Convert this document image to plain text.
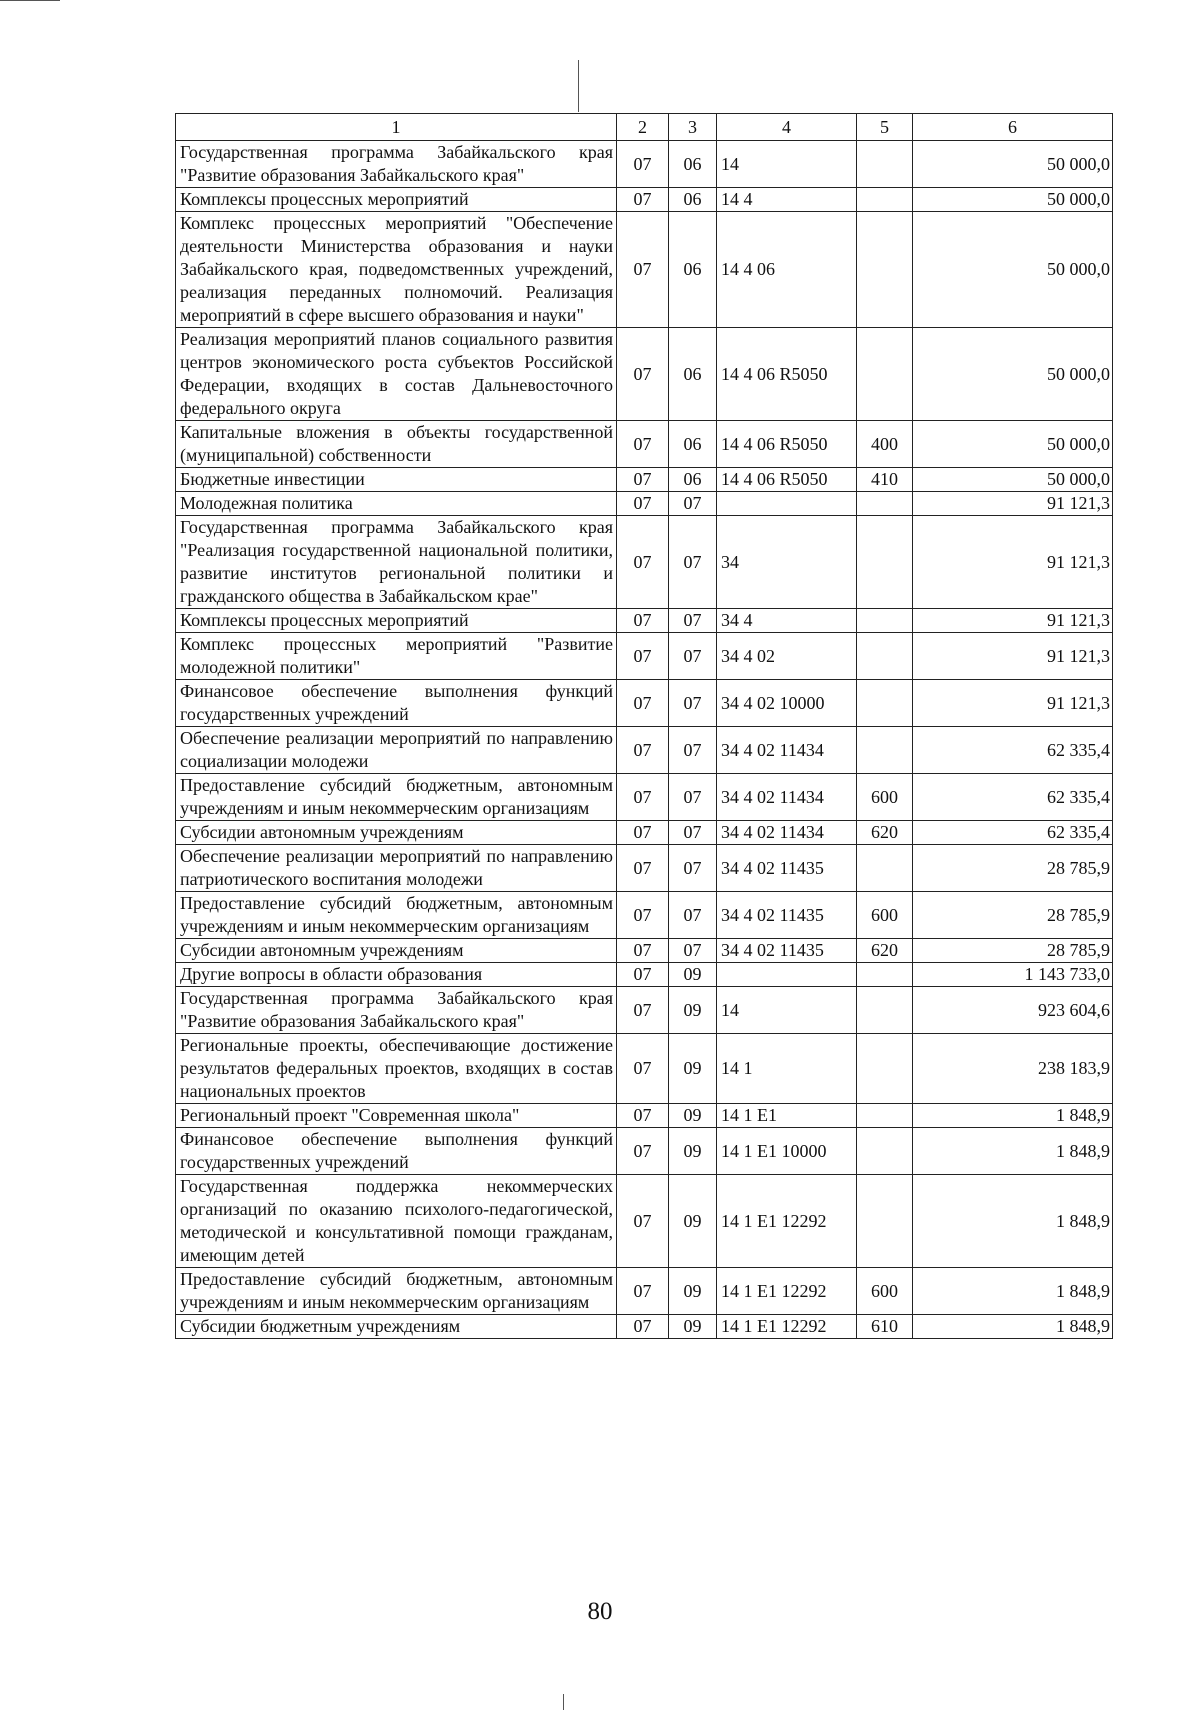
1	2	3	4	5	6
Государственная программа Забайкальского края "Развитие образования Забайкальского края"	07	06	14		50 000,0
Комплексы процессных мероприятий	07	06	14 4		50 000,0
Комплекс процессных мероприятий "Обеспечение деятельности Министерства образования и науки Забайкальского края, подведомственных учреждений, реализация переданных полномочий. Реализация мероприятий в сфере высшего образования и науки"	07	06	14 4 06		50 000,0
Реализация мероприятий планов социального развития центров экономического роста субъектов Российской Федерации, входящих в состав Дальневосточного федерального округа	07	06	14 4 06 R5050		50 000,0
Капитальные вложения в объекты государственной (муниципальной) собственности	07	06	14 4 06 R5050	400	50 000,0
Бюджетные инвестиции	07	06	14 4 06 R5050	410	50 000,0
Молодежная политика	07	07			91 121,3
Государственная программа Забайкальского края "Реализация государственной национальной политики, развитие институтов региональной политики и гражданского общества в Забайкальском крае"	07	07	34		91 121,3
Комплексы процессных мероприятий	07	07	34 4		91 121,3
Комплекс процессных мероприятий "Развитие молодежной политики"	07	07	34 4 02		91 121,3
Финансовое обеспечение выполнения функций государственных учреждений	07	07	34 4 02 10000		91 121,3
Обеспечение реализации мероприятий по направлению социализации молодежи	07	07	34 4 02 11434		62 335,4
Предоставление субсидий бюджетным, автономным учреждениям и иным некоммерческим организациям	07	07	34 4 02 11434	600	62 335,4
Субсидии автономным учреждениям	07	07	34 4 02 11434	620	62 335,4
Обеспечение реализации мероприятий по направлению патриотического воспитания молодежи	07	07	34 4 02 11435		28 785,9
Предоставление субсидий бюджетным, автономным учреждениям и иным некоммерческим организациям	07	07	34 4 02 11435	600	28 785,9
Субсидии автономным учреждениям	07	07	34 4 02 11435	620	28 785,9
Другие вопросы в области образования	07	09			1 143 733,0
Государственная программа Забайкальского края "Развитие образования Забайкальского края"	07	09	14		923 604,6
Региональные проекты, обеспечивающие достижение результатов федеральных проектов, входящих в состав национальных проектов	07	09	14 1		238 183,9
Региональный проект "Современная школа"	07	09	14 1 E1		1 848,9
Финансовое обеспечение выполнения функций государственных учреждений	07	09	14 1 E1 10000		1 848,9
Государственная поддержка некоммерческих организаций по оказанию психолого-педагогической, методической и консультативной помощи гражданам, имеющим детей	07	09	14 1 E1 12292		1 848,9
Предоставление субсидий бюджетным, автономным учреждениям и иным некоммерческим организациям	07	09	14 1 E1 12292	600	1 848,9
Субсидии бюджетным учреждениям	07	09	14 1 E1 12292	610	1 848,9
80
